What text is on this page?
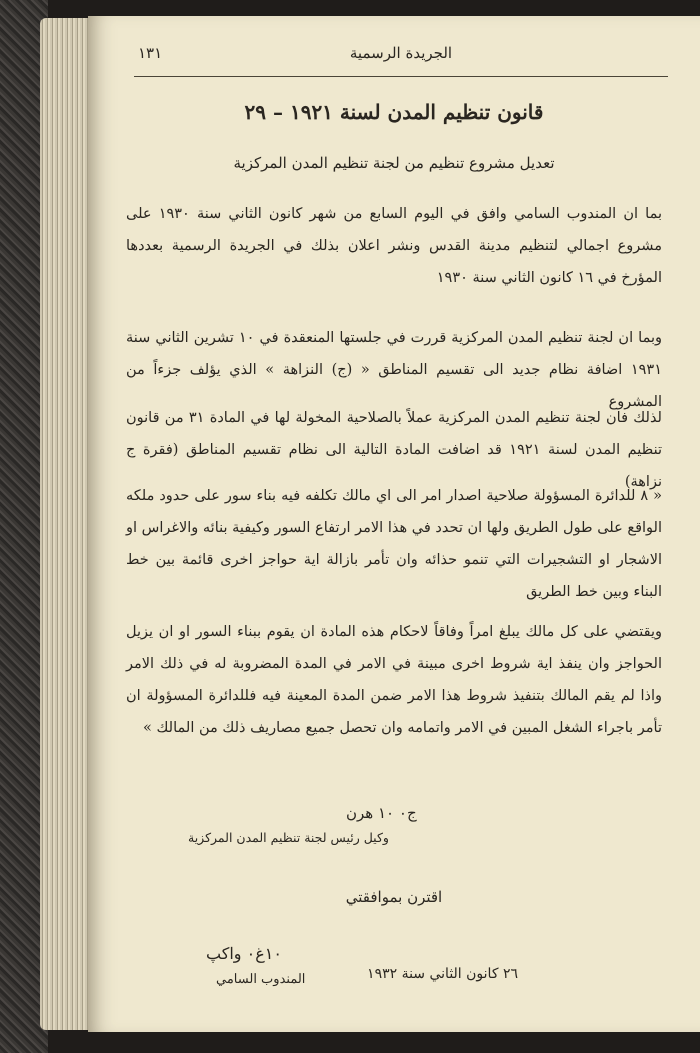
الجريدة الرسمية
١٣١
قانون تنظيم المدن لسنة ١٩٢١ – ٢٩
تعديل مشروع تنظيم من لجنة تنظيم المدن المركزية

بما ان المندوب السامي وافق في اليوم السابع من شهر كانون الثاني سنة ١٩٣٠ على مشروع اجمالي لتنظيم مدينة القدس ونشر اعلان بذلك في الجريدة الرسمية بعددها المؤرخ في ١٦ كانون الثاني سنة ١٩٣٠

وبما ان لجنة تنظيم المدن المركزية قررت في جلستها المنعقدة في ١٠ تشرين الثاني سنة ١٩٣١ اضافة نظام جديد الى تقسيم المناطق « (ج) النزاهة » الذي يؤلف جزءاً من المشروع

لذلك فان لجنة تنظيم المدن المركزية عملاً بالصلاحية المخولة لها في المادة ٣١ من قانون تنظيم المدن لسنة ١٩٢١ قد اضافت المادة التالية الى نظام تقسيم المناطق (فقرة ج نزاهة)

« ٨ للدائرة المسؤولة صلاحية اصدار امر الى اي مالك تكلفه فيه بناء سور على حدود ملكه الواقع على طول الطريق ولها ان تحدد في هذا الامر ارتفاع السور وكيفية بنائه والاغراس او الاشجار او التشجيرات التي تنمو حذائه وان تأمر بازالة اية حواجز اخرى قائمة بين خط البناء وبين خط الطريق

ويقتضي على كل مالك يبلغ امراً وفاقاً لاحكام هذه المادة ان يقوم ببناء السور او ان يزيل الحواجز وان ينفذ اية شروط اخرى مبينة في الامر في المدة المضروبة له في ذلك الامر واذا لم يقم المالك بتنفيذ شروط هذا الامر ضمن المدة المعينة فيه فللدائرة المسؤولة ان تأمر باجراء الشغل المبين في الامر واتمامه وان تحصل جميع مصاريف ذلك من المالك »

ج٠ ١٠ هرن
وكيل رئيس لجنة تنظيم المدن المركزية
اقترن بموافقتي
١٠غ٠ واكپ
المندوب السامي	٢٦ كانون الثاني سنة ١٩٣٢
